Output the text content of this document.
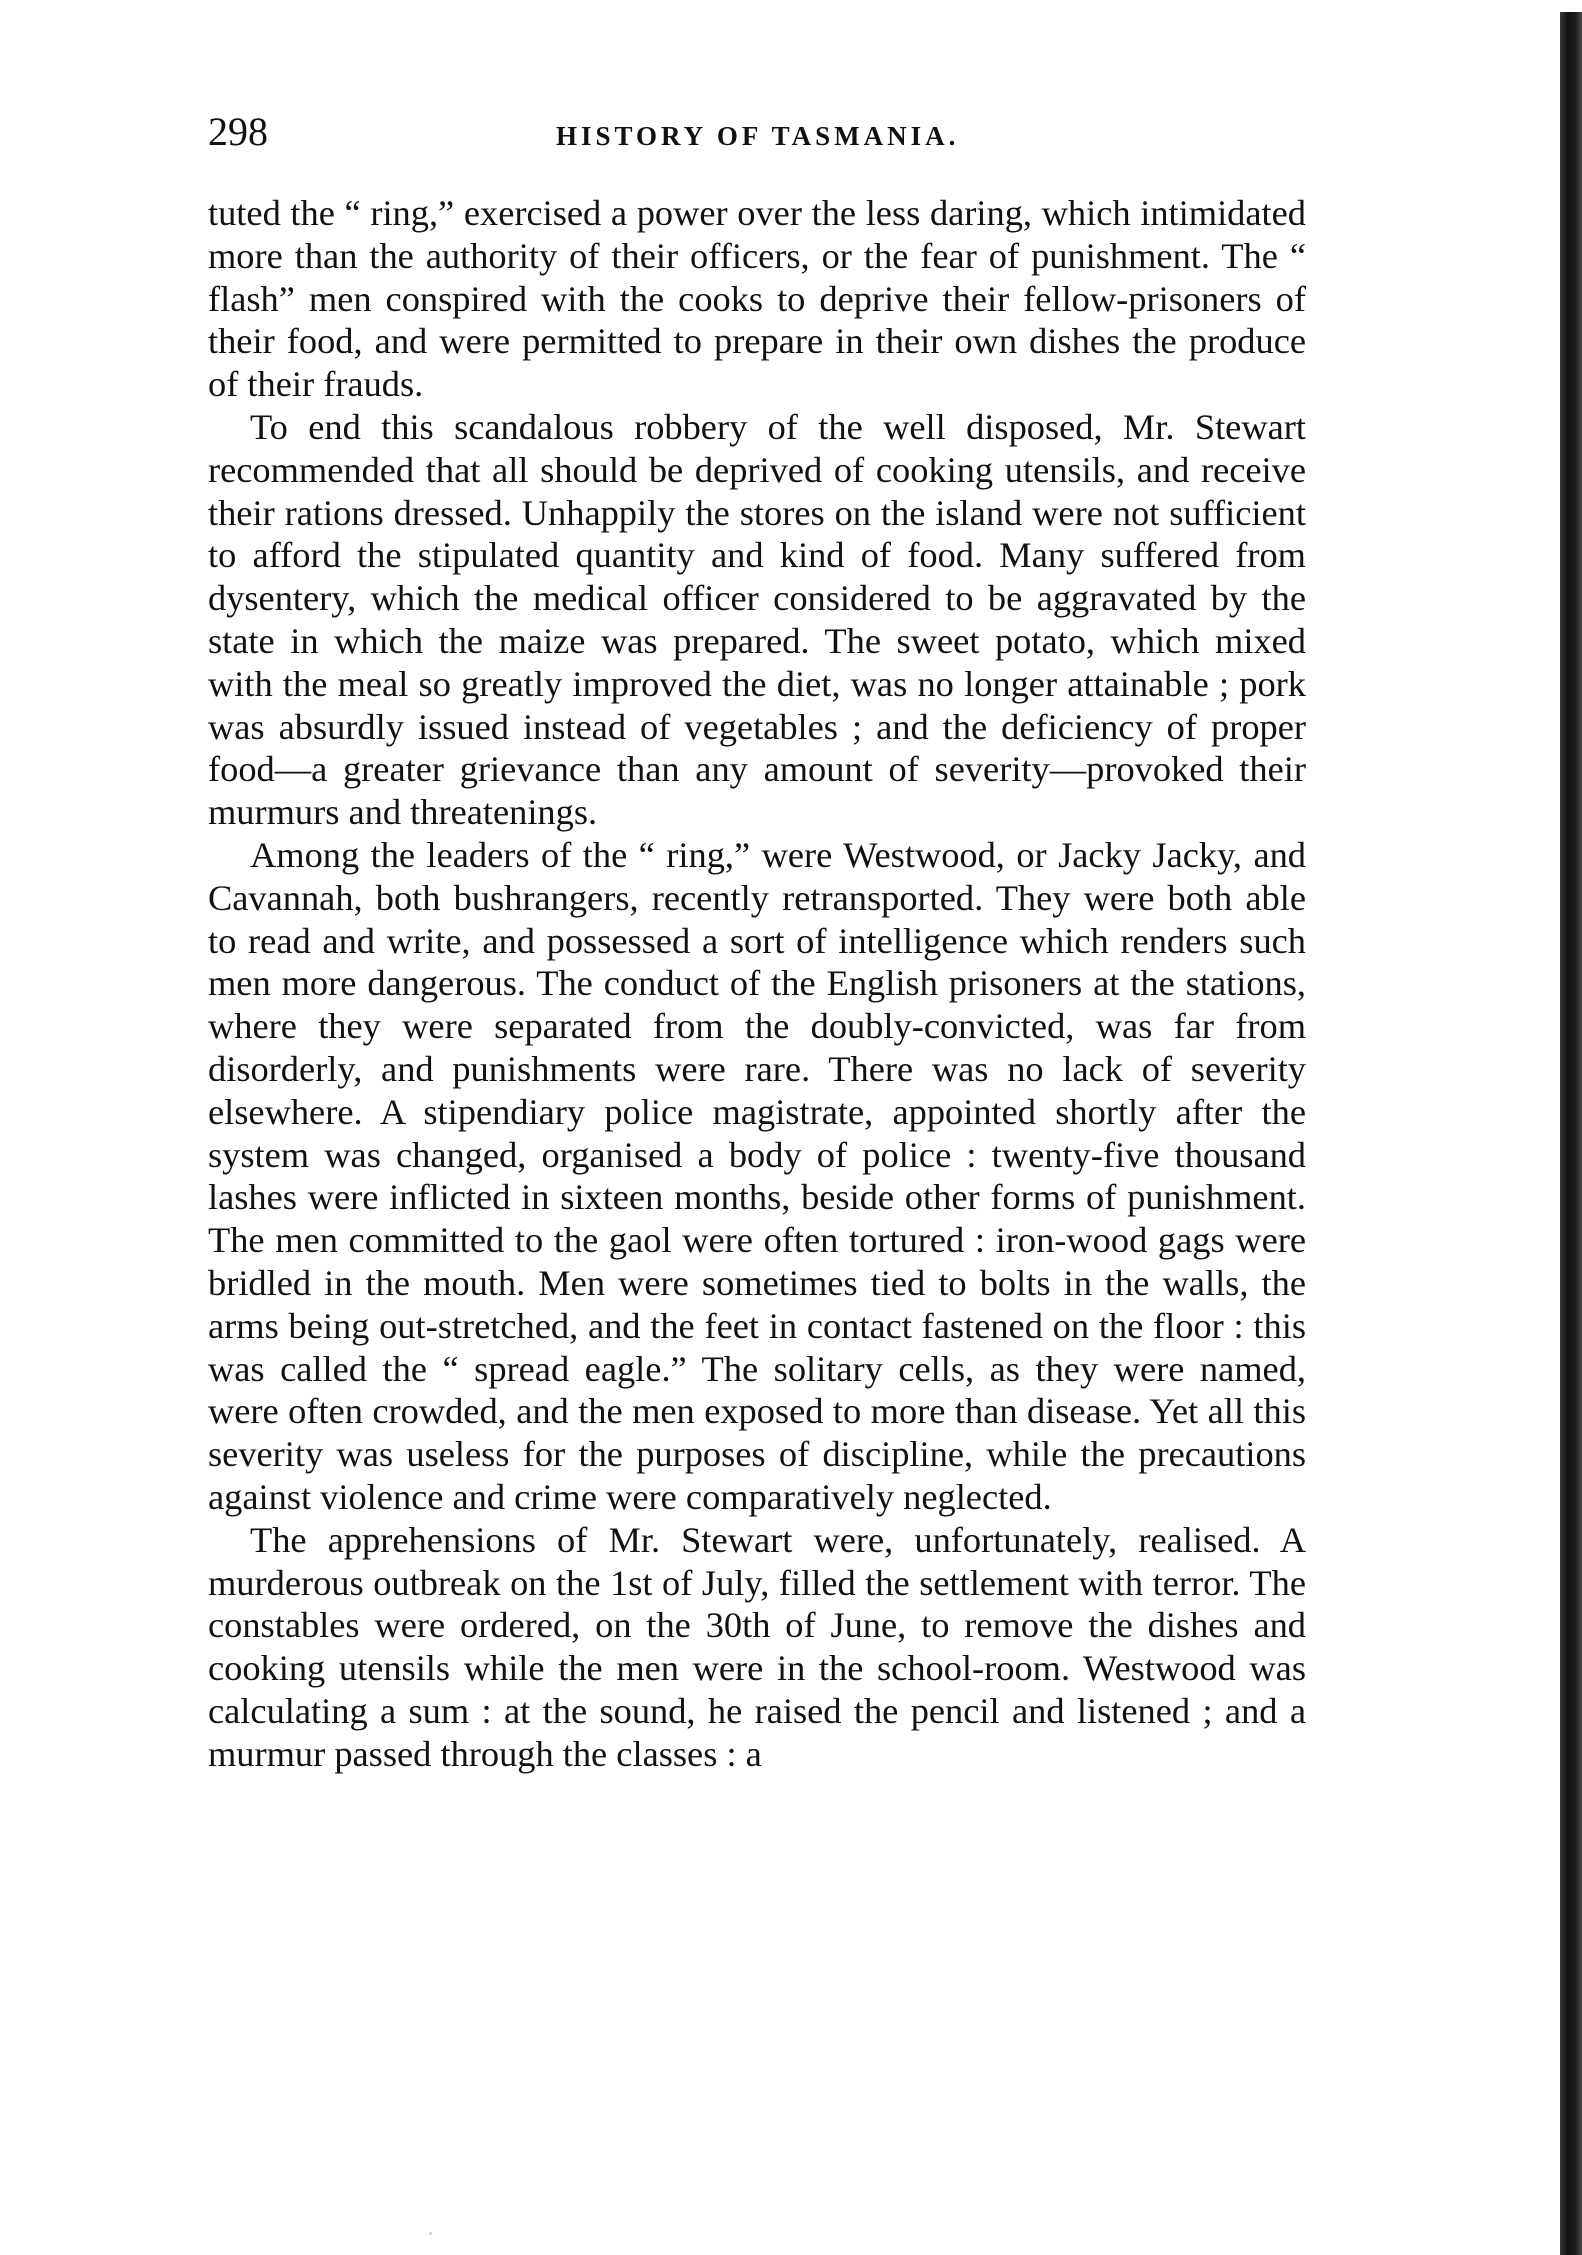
298	HISTORY OF TASMANIA.

tuted the “ ring,” exercised a power over the less daring, which intimidated more than the authority of their officers, or the fear of punishment. The “ flash” men conspired with the cooks to deprive their fellow-prisoners of their food, and were permitted to prepare in their own dishes the produce of their frauds.

To end this scandalous robbery of the well disposed, Mr. Stewart recommended that all should be deprived of cooking utensils, and receive their rations dressed. Unhappily the stores on the island were not sufficient to afford the stipulated quantity and kind of food. Many suffered from dysentery, which the medical officer considered to be aggravated by the state in which the maize was prepared. The sweet potato, which mixed with the meal so greatly improved the diet, was no longer attainable ; pork was absurdly issued instead of vegetables ; and the deficiency of proper food—a greater grievance than any amount of severity—provoked their murmurs and threatenings.

Among the leaders of the “ ring,” were Westwood, or Jacky Jacky, and Cavannah, both bushrangers, recently retransported. They were both able to read and write, and possessed a sort of intelligence which renders such men more dangerous. The conduct of the English prisoners at the stations, where they were separated from the doubly-convicted, was far from disorderly, and punishments were rare. There was no lack of severity elsewhere. A stipendiary police magistrate, appointed shortly after the system was changed, organised a body of police : twenty-five thousand lashes were inflicted in sixteen months, beside other forms of punishment. The men committed to the gaol were often tortured : iron-wood gags were bridled in the mouth. Men were sometimes tied to bolts in the walls, the arms being out-stretched, and the feet in contact fastened on the floor : this was called the “ spread eagle.” The solitary cells, as they were named, were often crowded, and the men exposed to more than disease. Yet all this severity was useless for the purposes of discipline, while the precautions against violence and crime were comparatively neglected.

The apprehensions of Mr. Stewart were, unfortunately, realised. A murderous outbreak on the 1st of July, filled the settlement with terror. The constables were ordered, on the 30th of June, to remove the dishes and cooking utensils while the men were in the school-room. Westwood was calculating a sum : at the sound, he raised the pencil and listened ; and a murmur passed through the classes : a
